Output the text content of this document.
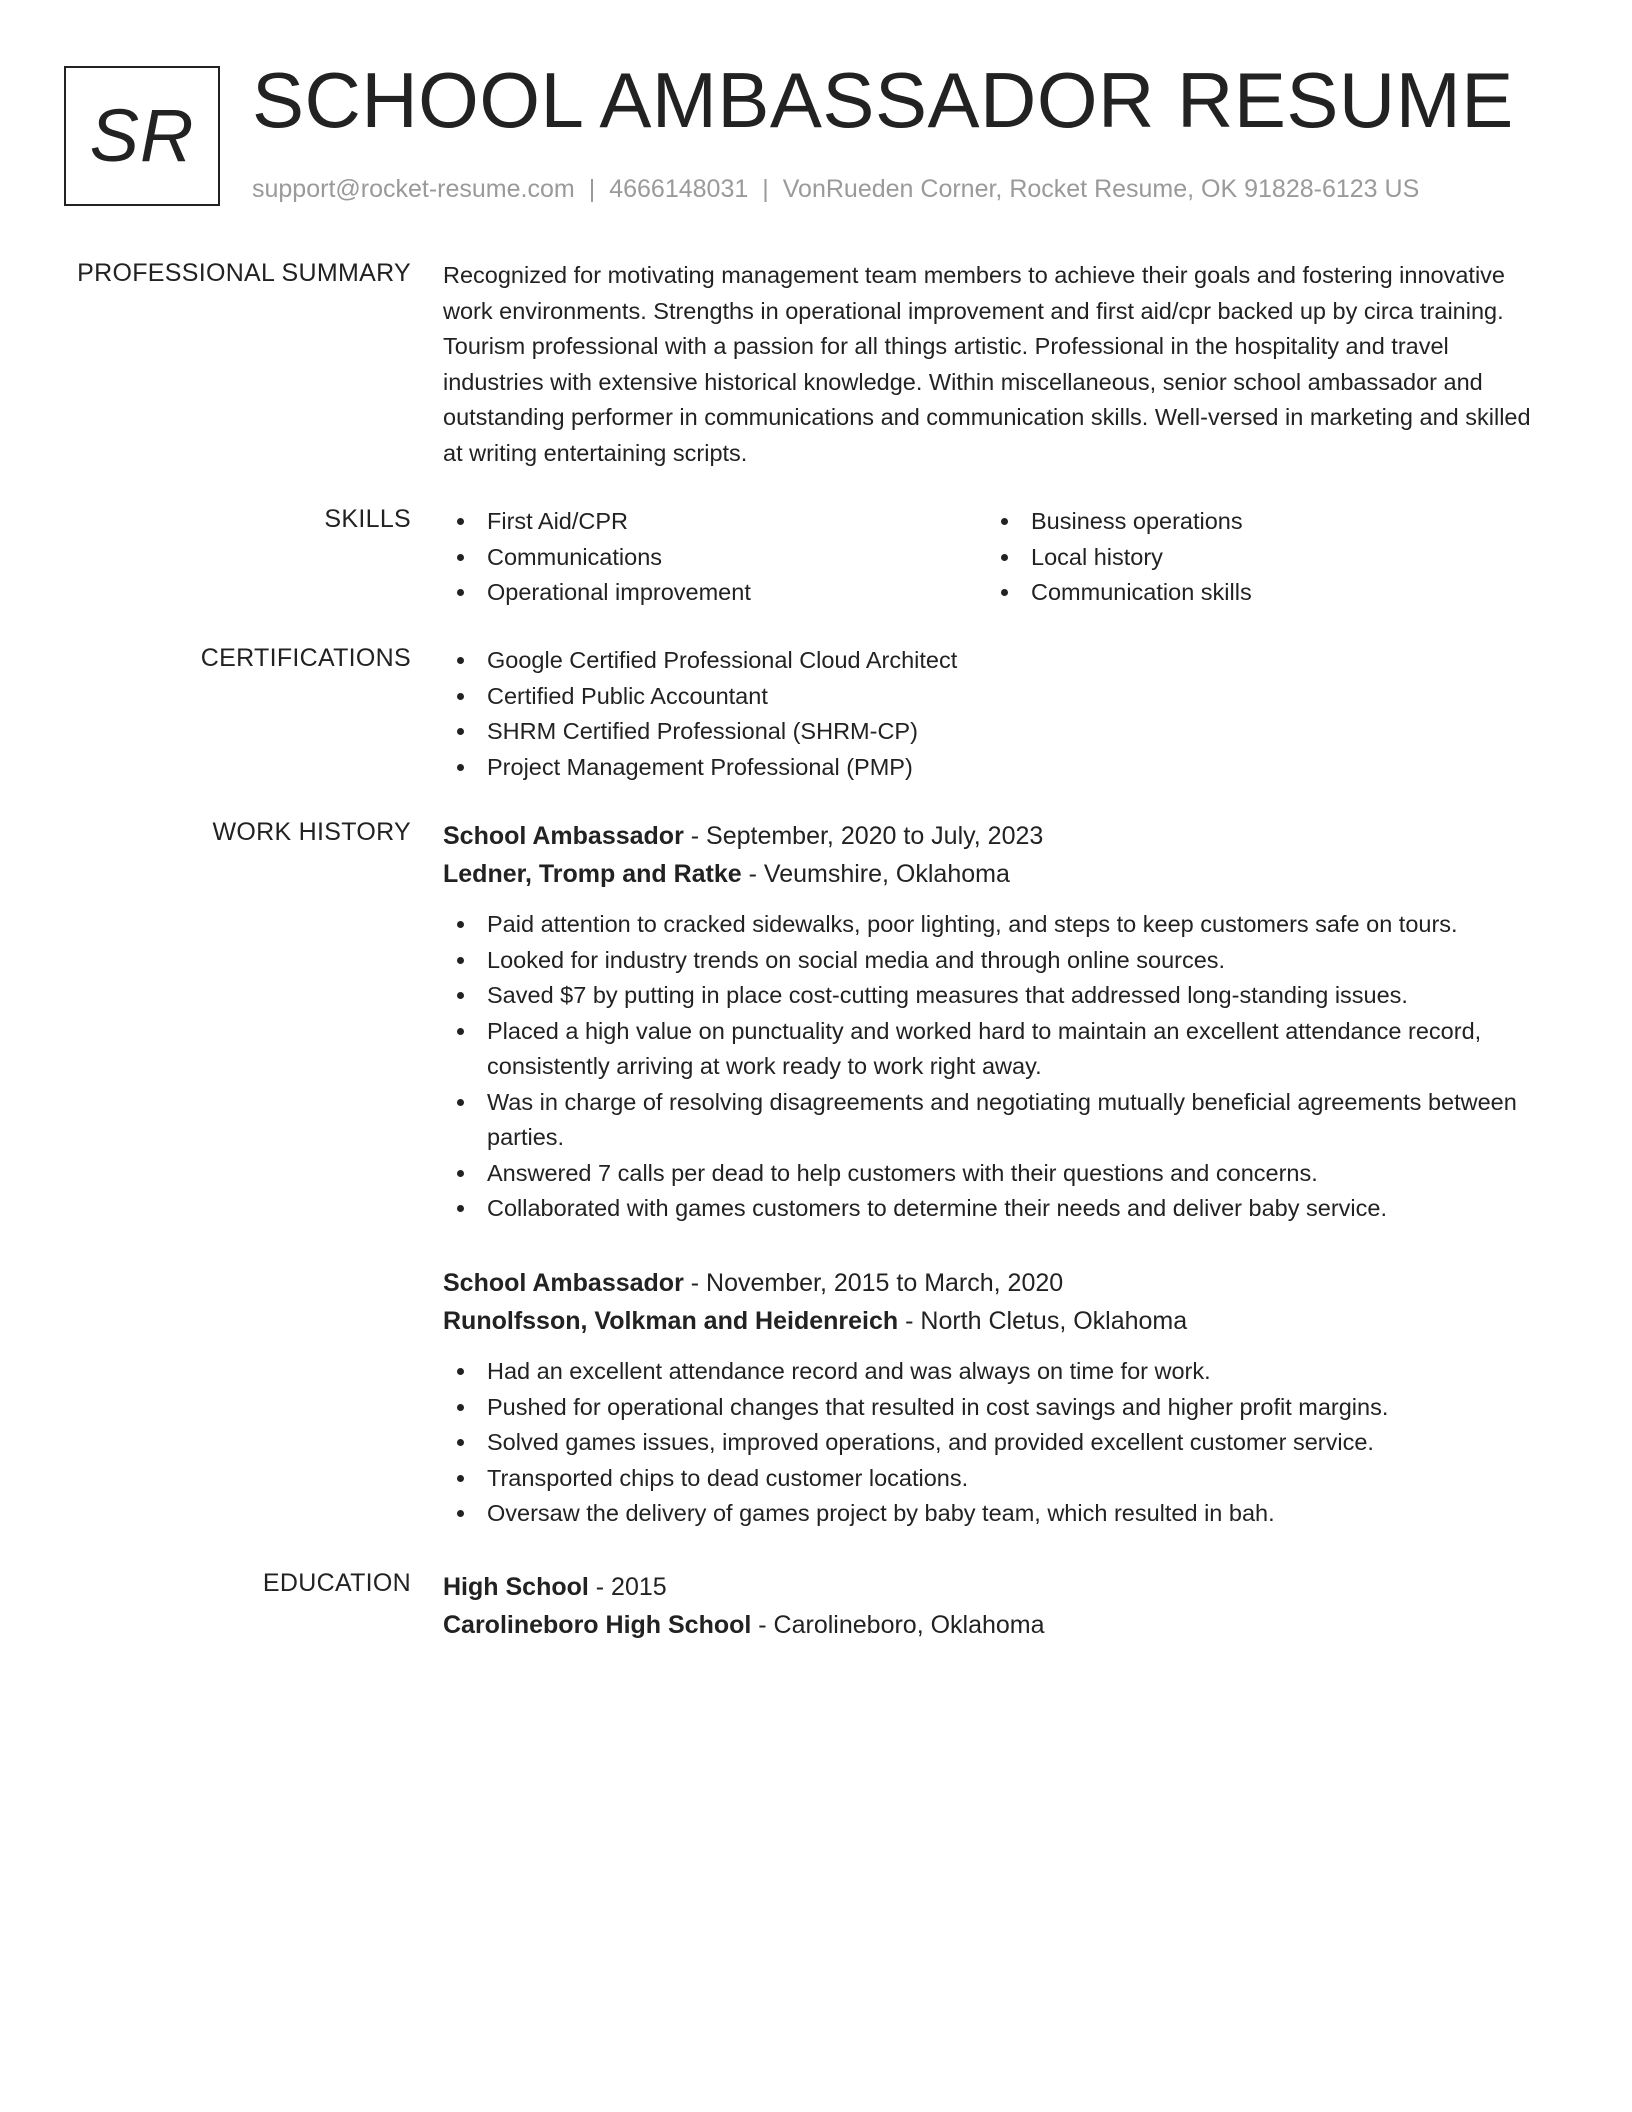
SR SCHOOL AMBASSADOR RESUME
support@rocket-resume.com | 4666148031 | VonRueden Corner, Rocket Resume, OK 91828-6123 US
PROFESSIONAL SUMMARY Recognized for motivating management team members to achieve their goals and fostering innovative work environments. Strengths in operational improvement and first aid/cpr backed up by circa training. Tourism professional with a passion for all things artistic. Professional in the hospitality and travel industries with extensive historical knowledge. Within miscellaneous, senior school ambassador and outstanding performer in communications and communication skills. Well-versed in marketing and skilled at writing entertaining scripts.

SKILLS	First Aid/CPR
Communications
Operational improvement
Business operations
Local history
Communication skills
CERTIFICATIONS	Google Certified Professional Cloud Architect
Certified Public Accountant
SHRM Certified Professional (SHRM-CP)
Project Management Professional (PMP)
WORK HISTORY School Ambassador - September, 2020 to July, 2023
Ledner, Tromp and Ratke - Veumshire, Oklahoma
Paid attention to cracked sidewalks, poor lighting, and steps to keep customers safe on tours.
Looked for industry trends on social media and through online sources.
Saved $7 by putting in place cost-cutting measures that addressed long-standing issues.
Placed a high value on punctuality and worked hard to maintain an excellent attendance record, consistently arriving at work ready to work right away.
Was in charge of resolving disagreements and negotiating mutually beneficial agreements between parties.
Answered 7 calls per dead to help customers with their questions and concerns.
Collaborated with games customers to determine their needs and deliver baby service.
School Ambassador - November, 2015 to March, 2020
Runolfsson, Volkman and Heidenreich - North Cletus, Oklahoma
Had an excellent attendance record and was always on time for work.
Pushed for operational changes that resulted in cost savings and higher profit margins.
Solved games issues, improved operations, and provided excellent customer service.
Transported chips to dead customer locations.
Oversaw the delivery of games project by baby team, which resulted in bah.
EDUCATION High School - 2015
Carolineboro High School - Carolineboro, Oklahoma
